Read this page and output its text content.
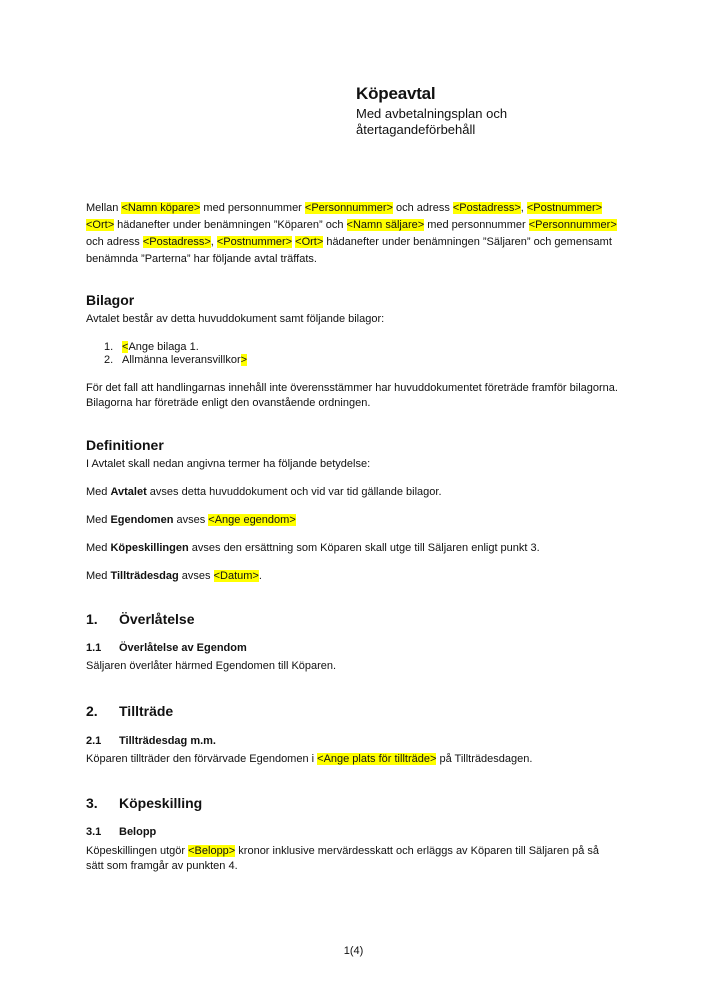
Köpeavtal
Med avbetalningsplan och
återtagandeförbehåll

Mellan <Namn köpare> med personnummer <Personnummer> och adress <Postadress>, <Postnummer> <Ort> hädanefter under benämningen ”Köparen” och <Namn säljare> med personnummer <Personnummer> och adress <Postadress>, <Postnummer> <Ort> hädanefter under benämningen ”Säljaren” och gemensamt benämnda ”Parterna” har följande avtal träffats.

Bilagor
Avtalet består av detta huvuddokument samt följande bilagor:
1. <Ange bilaga 1.
2. Allmänna leveransvillkor>

För det fall att handlingarnas innehåll inte överensstämmer har huvuddokumentet företräde framför bilagorna. Bilagorna har företräde enligt den ovanstående ordningen.

Definitioner
I Avtalet skall nedan angivna termer ha följande betydelse:
Med Avtalet avses detta huvuddokument och vid var tid gällande bilagor.
Med Egendomen avses <Ange egendom>
Med Köpeskillingen avses den ersättning som Köparen skall utge till Säljaren enligt punkt 3.
Med Tillträdesdag avses <Datum>.
1. Överlåtelse
1.1 Överlåtelse av Egendom
Säljaren överlåter härmed Egendomen till Köparen.
2. Tillträde
2.1 Tillträdesdag m.m.
Köparen tillträder den förvärvade Egendomen i <Ange plats för tillträde> på Tillträdesdagen.
3. Köpeskilling
3.1 Belopp

Köpeskillingen utgör <Belopp> kronor inklusive mervärdesskatt och erläggs av Köparen till Säljaren på så sätt som framgår av punkten 4.

1(4)
